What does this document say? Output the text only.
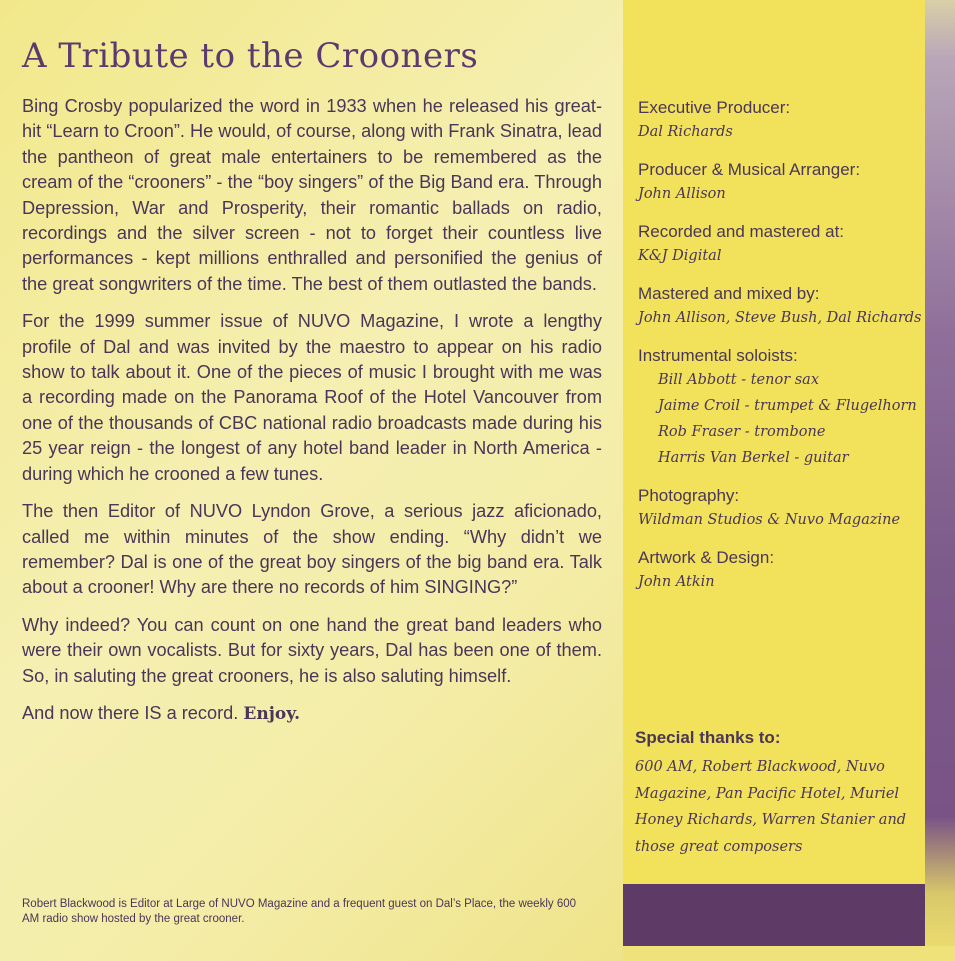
A Tribute to the Crooners

Bing Crosby popularized the word in 1933 when he released his great-hit “Learn to Croon”. He would, of course, along with Frank Sinatra, lead the pantheon of great male entertainers to be remembered as the cream of the “crooners” - the “boy singers” of the Big Band era. Through Depression, War and Prosperity, their romantic ballads on radio, recordings and the silver screen - not to forget their countless live performances - kept millions enthralled and personified the genius of the great songwriters of the time. The best of them outlasted the bands.

For the 1999 summer issue of NUVO Magazine, I wrote a lengthy profile of Dal and was invited by the maestro to appear on his radio show to talk about it. One of the pieces of music I brought with me was a recording made on the Panorama Roof of the Hotel Vancouver from one of the thousands of CBC national radio broadcasts made during his 25 year reign - the longest of any hotel band leader in North America - during which he crooned a few tunes.

The then Editor of NUVO Lyndon Grove, a serious jazz aficionado, called me within minutes of the show ending. “Why didn’t we remember? Dal is one of the great boy singers of the big band era. Talk about a crooner! Why are there no records of him SINGING?”

Why indeed? You can count on one hand the great band leaders who were their own vocalists. But for sixty years, Dal has been one of them. So, in saluting the great crooners, he is also saluting himself.

And now there IS a record. Enjoy.

Robert Blackwood is Editor at Large of NUVO Magazine and a frequent guest on Dal’s Place, the weekly 600 AM radio show hosted by the great crooner.
Executive Producer:
Dal Richards
Producer & Musical Arranger:
John Allison
Recorded and mastered at:
K&J Digital
Mastered and mixed by:
John Allison, Steve Bush, Dal Richards
Instrumental soloists:
Bill Abbott - tenor sax
Jaime Croil - trumpet & Flugelhorn
Rob Fraser - trombone
Harris Van Berkel - guitar
Photography:
Wildman Studios & Nuvo Magazine
Artwork & Design:
John Atkin
Special thanks to:
600 AM, Robert Blackwood, Nuvo Magazine, Pan Pacific Hotel, Muriel Honey Richards, Warren Stanier and those great composers
